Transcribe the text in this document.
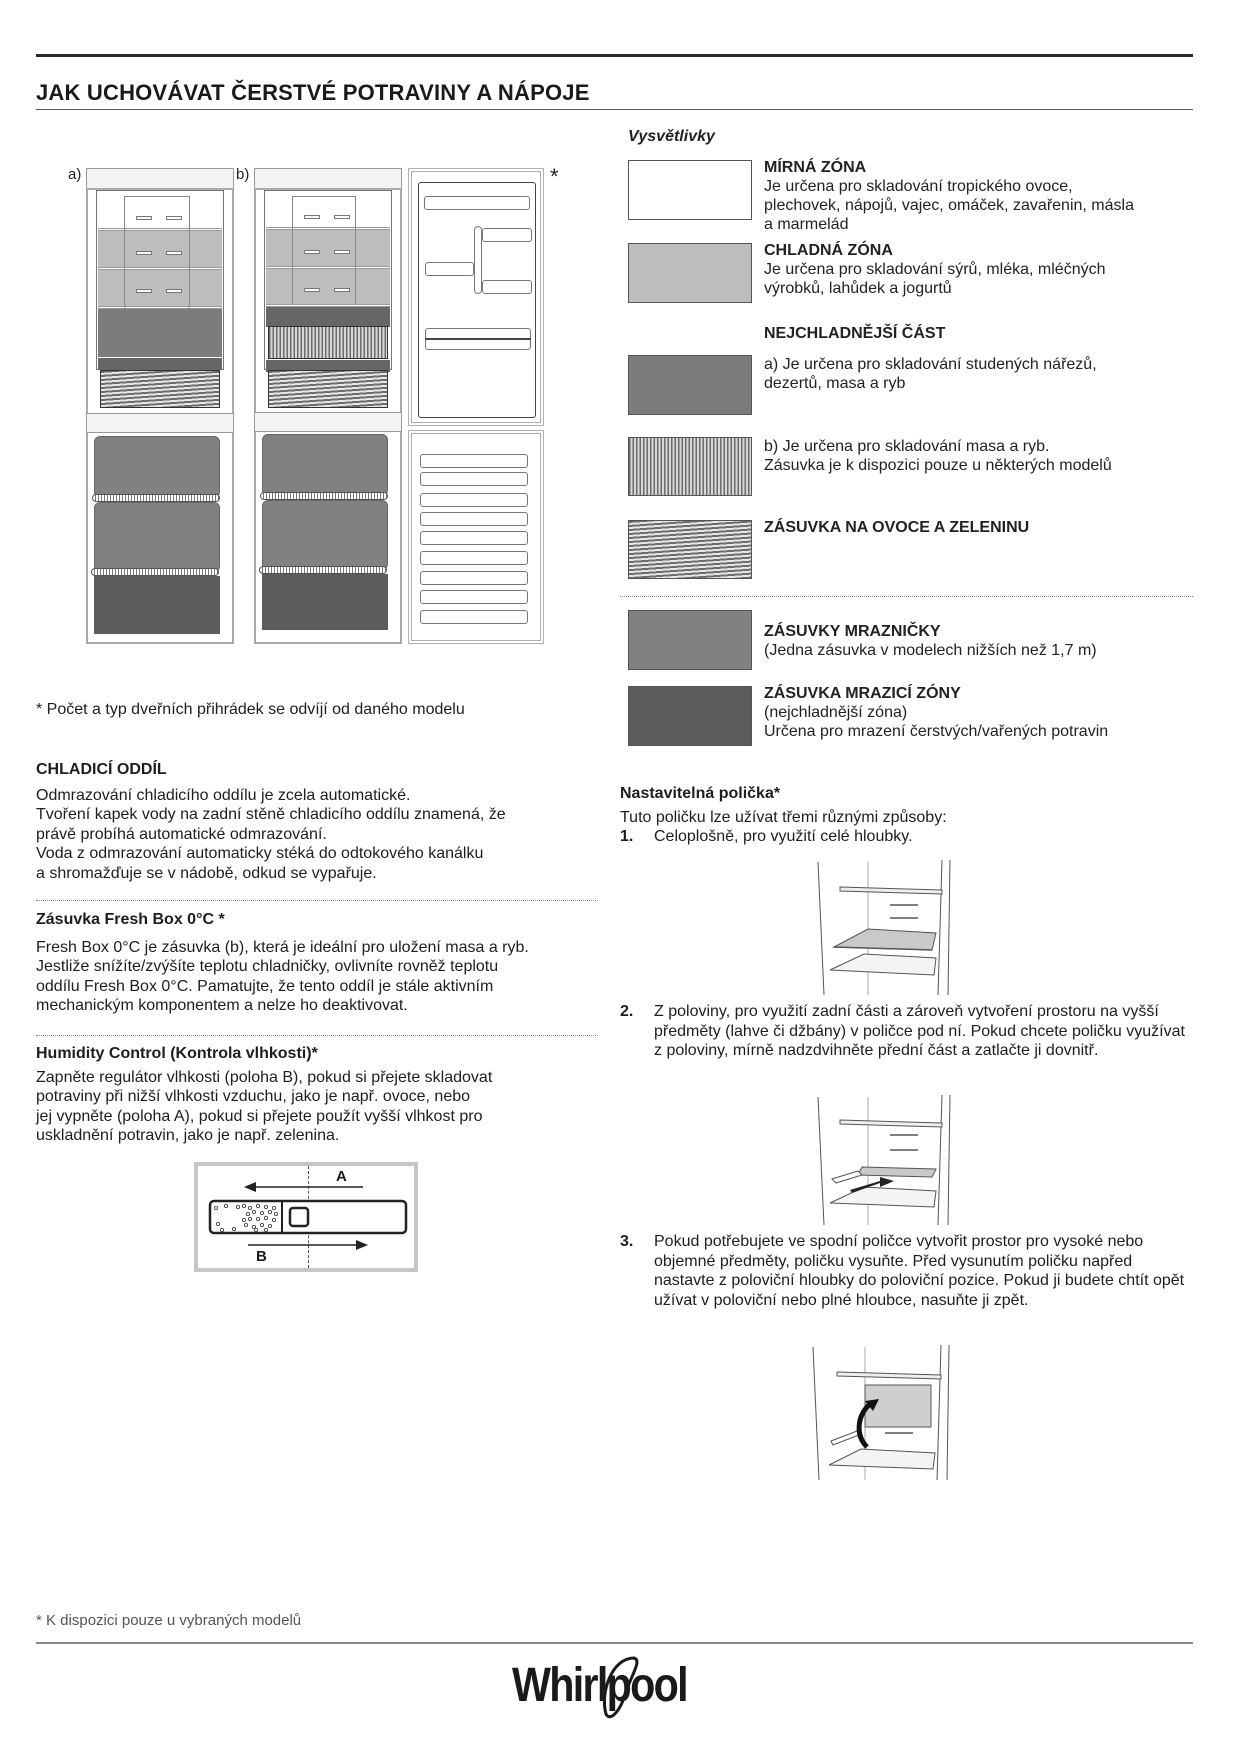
JAK UCHOVÁVAT ČERSTVÉ POTRAVINY A NÁPOJE
a)	b)	*

* Počet a typ dveřních přihrádek se odvíjí od daného modelu

Vysvětlivky
MÍRNÁ ZÓNA
Je určena pro skladování tropického ovoce,
plechovek, nápojů, vajec, omáček, zavařenin, másla
a marmelád
CHLADNÁ ZÓNA
Je určena pro skladování sýrů, mléka, mléčných
výrobků, lahůdek a jogurtů
NEJCHLADNĚJŠÍ ČÁST
a) Je určena pro skladování studených nářezů,
dezertů, masa a ryb
b) Je určena pro skladování masa a ryb.
Zásuvka je k dispozici pouze u některých modelů
ZÁSUVKA NA OVOCE A ZELENINU
ZÁSUVKY MRAZNIČKY
(Jedna zásuvka v modelech nižších než 1,7 m)
ZÁSUVKA MRAZICÍ ZÓNY
(nejchladnější zóna)
Určena pro mrazení čerstvých/vařených potravin
CHLADICÍ ODDÍL
Odmrazování chladicího oddílu je zcela automatické.
Tvoření kapek vody na zadní stěně chladicího oddílu znamená, že
právě probíhá automatické odmrazování.
Voda z odmrazování automaticky stéká do odtokového kanálku
a shromažďuje se v nádobě, odkud se vypařuje.
Zásuvka Fresh Box 0°C *
Fresh Box 0°C je zásuvka (b), která je ideální pro uložení masa a ryb.
Jestliže snížíte/zvýšíte teplotu chladničky, ovlivníte rovněž teplotu
oddílu Fresh Box 0°C. Pamatujte, že tento oddíl je stále aktivním
mechanickým komponentem a nelze ho deaktivovat.
Humidity Control (Kontrola vlhkosti)*
Zapněte regulátor vlhkosti (poloha B), pokud si přejete skladovat
potraviny při nižší vlhkosti vzduchu, jako je např. ovoce, nebo
jej vypněte (poloha A), pokud si přejete použít vyšší vlhkost pro
uskladnění potravin, jako je např. zelenina.
A
B
Nastavitelná polička*
Tuto poličku lze užívat třemi různými způsoby:
1.	Celoplošně, pro využití celé hloubky.
2.	Z poloviny, pro využití zadní části a zároveň vytvoření prostoru na vyšší předměty (lahve či džbány) v poličce pod ní. Pokud chcete poličku využívat z poloviny, mírně nadzdvihněte přední část a zatlačte ji dovnitř.
3.	Pokud potřebujete ve spodní poličce vytvořit prostor pro vysoké nebo objemné předměty, poličku vysuňte. Před vysunutím poličku napřed nastavte z poloviční hloubky do poloviční pozice. Pokud ji budete chtít opět užívat v poloviční nebo plné hloubce, nasuňte ji zpět.
* K dispozici pouze u vybraných modelů
Whirlpool
